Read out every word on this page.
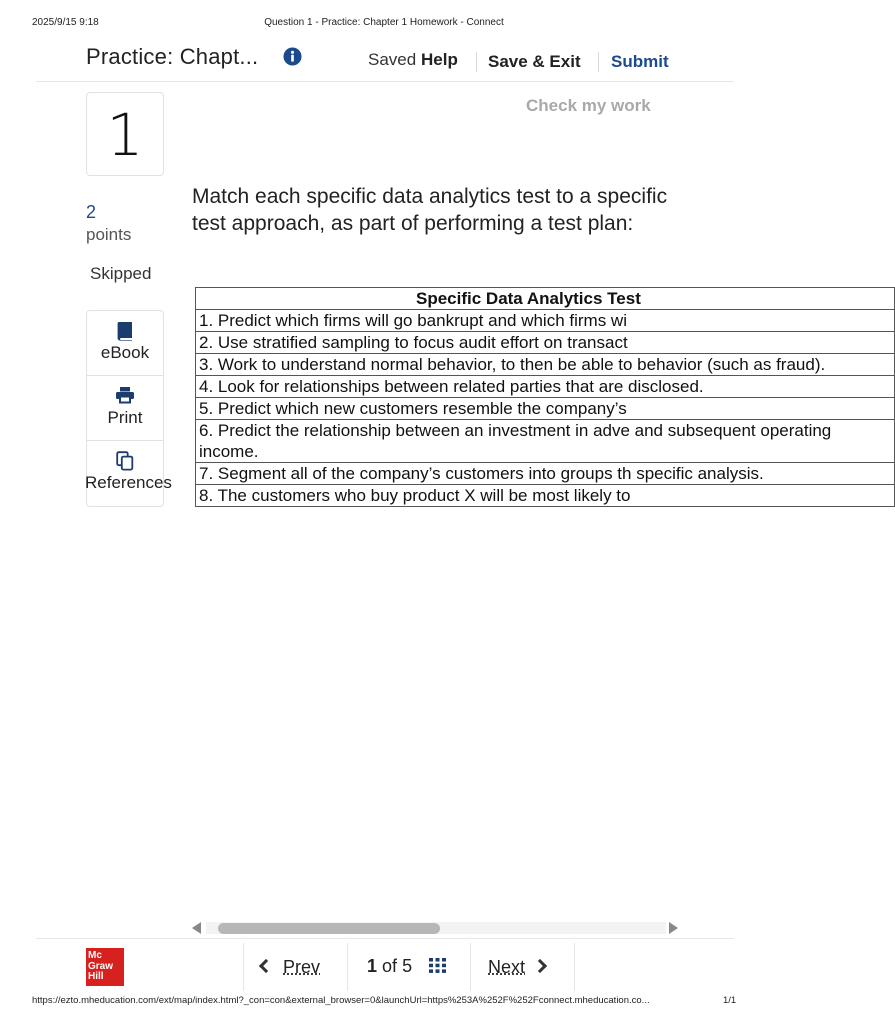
‫9:18 2025/9/15	Question 1 - Practice: Chapter 1 Homework - Connect
Practice: Chapt...	Saved Help	Save & Exit Submit
1
2
points
Skipped
eBook
Print
References
Check my work
Match each specific data analytics test to a specific test approach, as part of performing a test plan:
Specific Data Analytics Test
1. Predict which firms will go bankrupt and which firms wi
2. Use stratified sampling to focus audit effort on transact
3. Work to understand normal behavior, to then be able to behavior (such as fraud).
4. Look for relationships between related parties that are disclosed.
5. Predict which new customers resemble the company’s
6. Predict the relationship between an investment in adve and subsequent operating income.
7. Segment all of the company’s customers into groups th specific analysis.
8. The customers who buy product X will be most likely to
Mc
Graw
Hill	Prev	1 of 5	Next
https://ezto.mheducation.com/ext/map/index.html?_con=con&external_browser=0&launchUrl=https%253A%252F%252Fconnect.mheducation.co...	1/1
